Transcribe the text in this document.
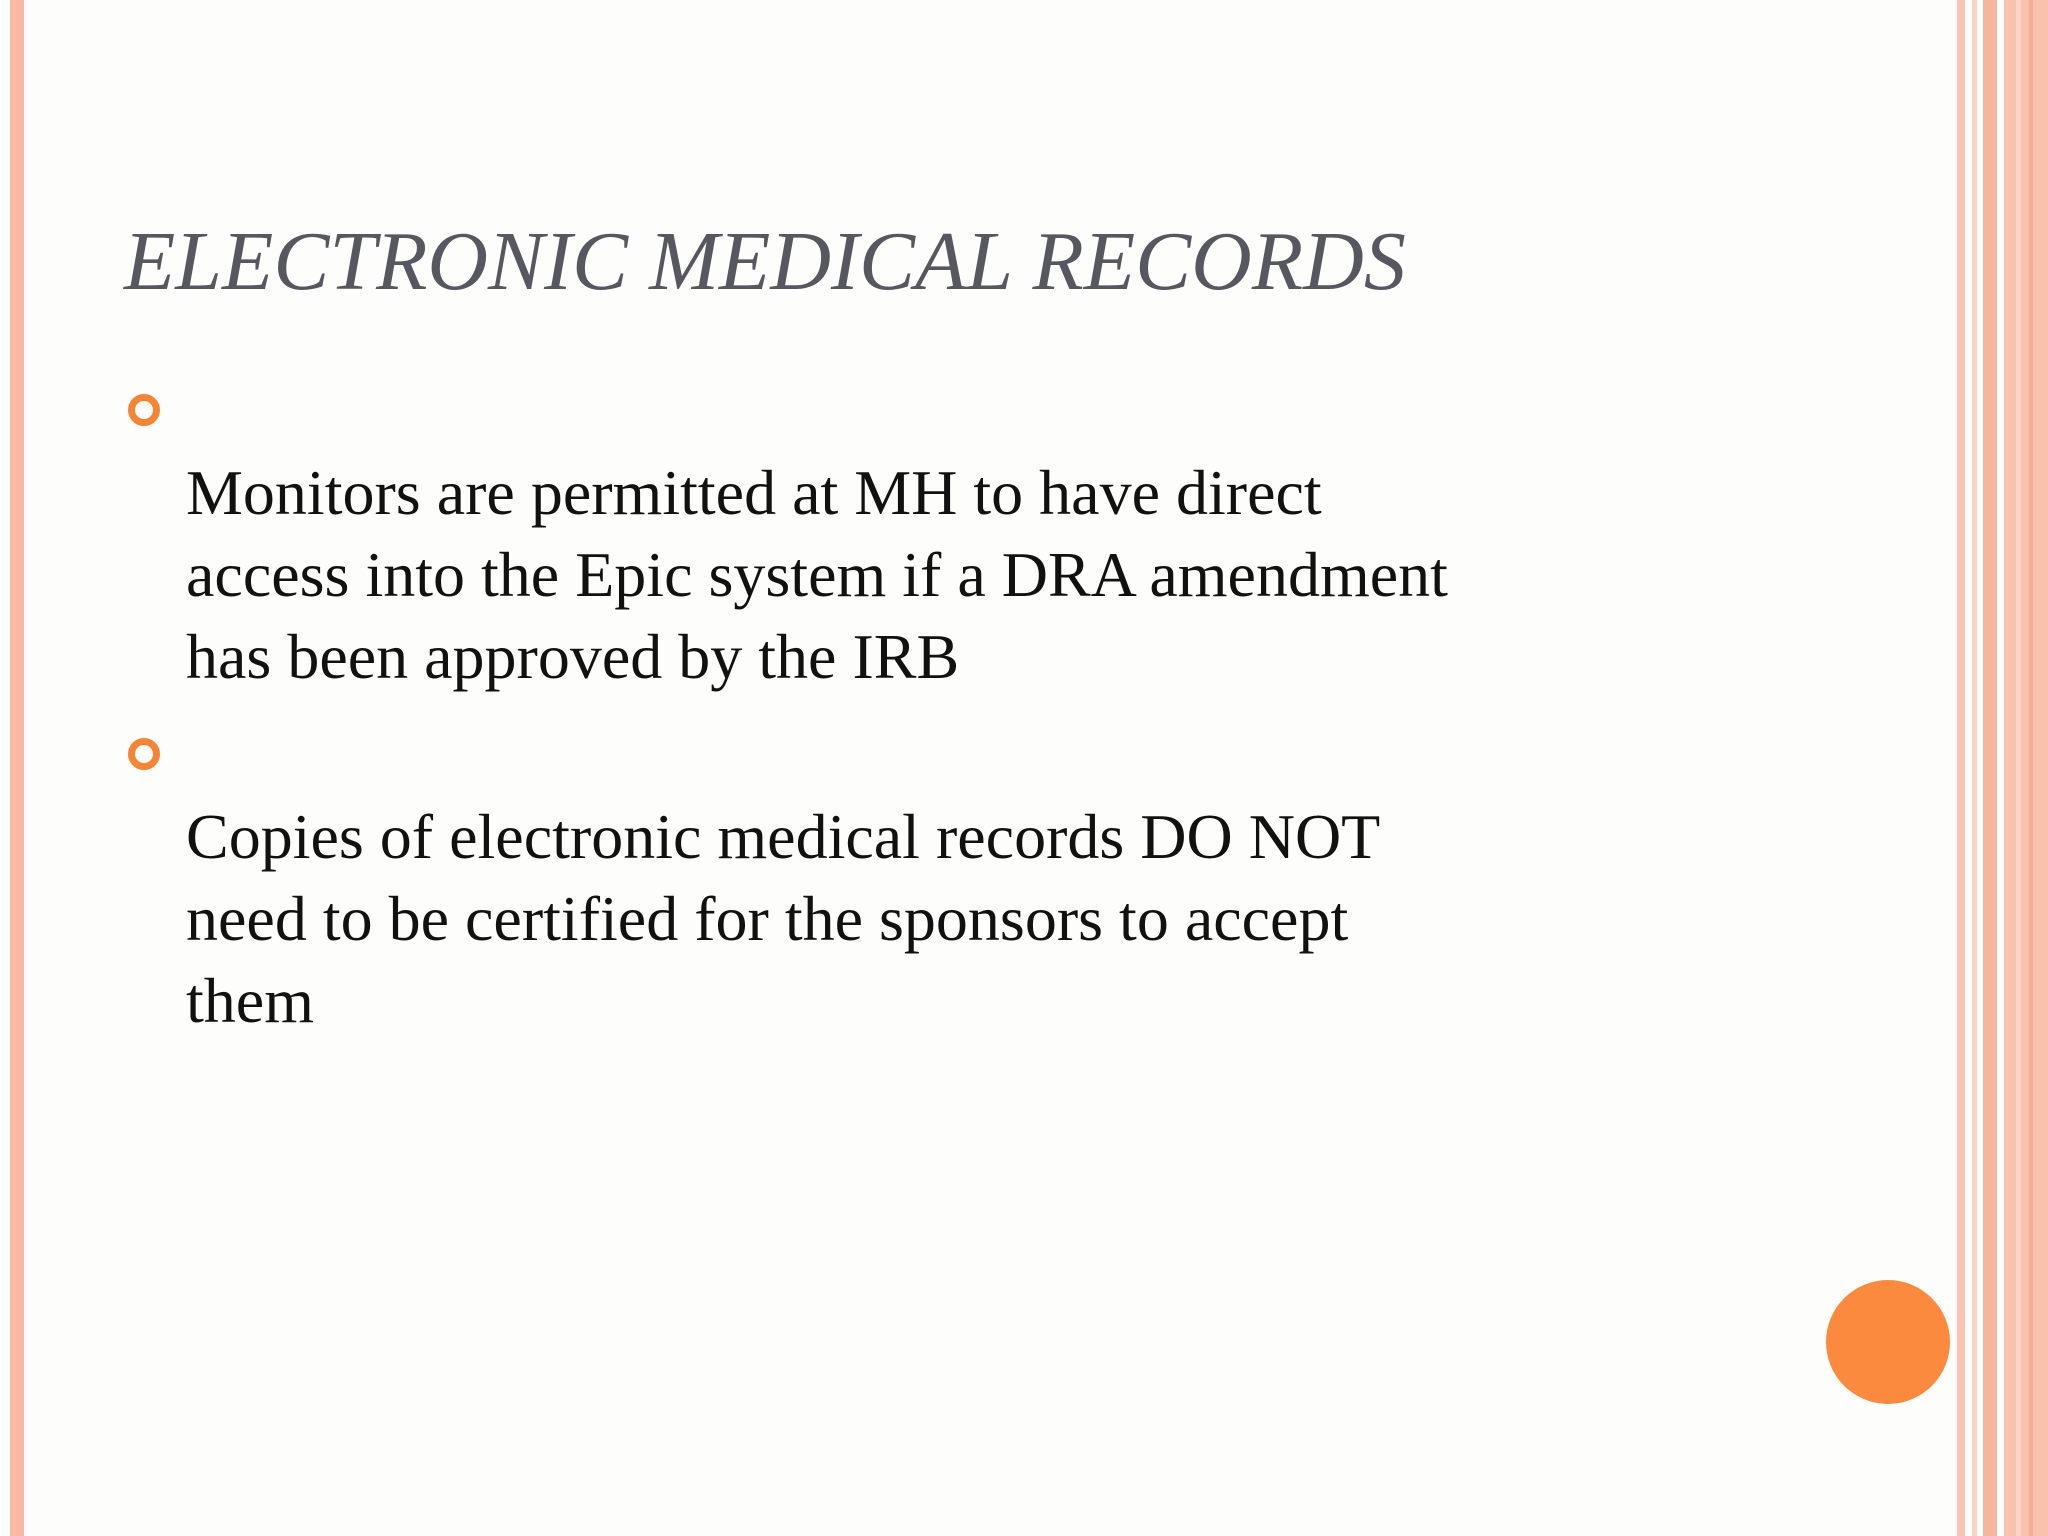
ELECTRONIC MEDICAL RECORDS

Monitors are permitted at MH to have direct
access into the Epic system if a DRA amendment
has been approved by the IRB

Copies of electronic medical records DO NOT
need to be certified for the sponsors to accept
them
